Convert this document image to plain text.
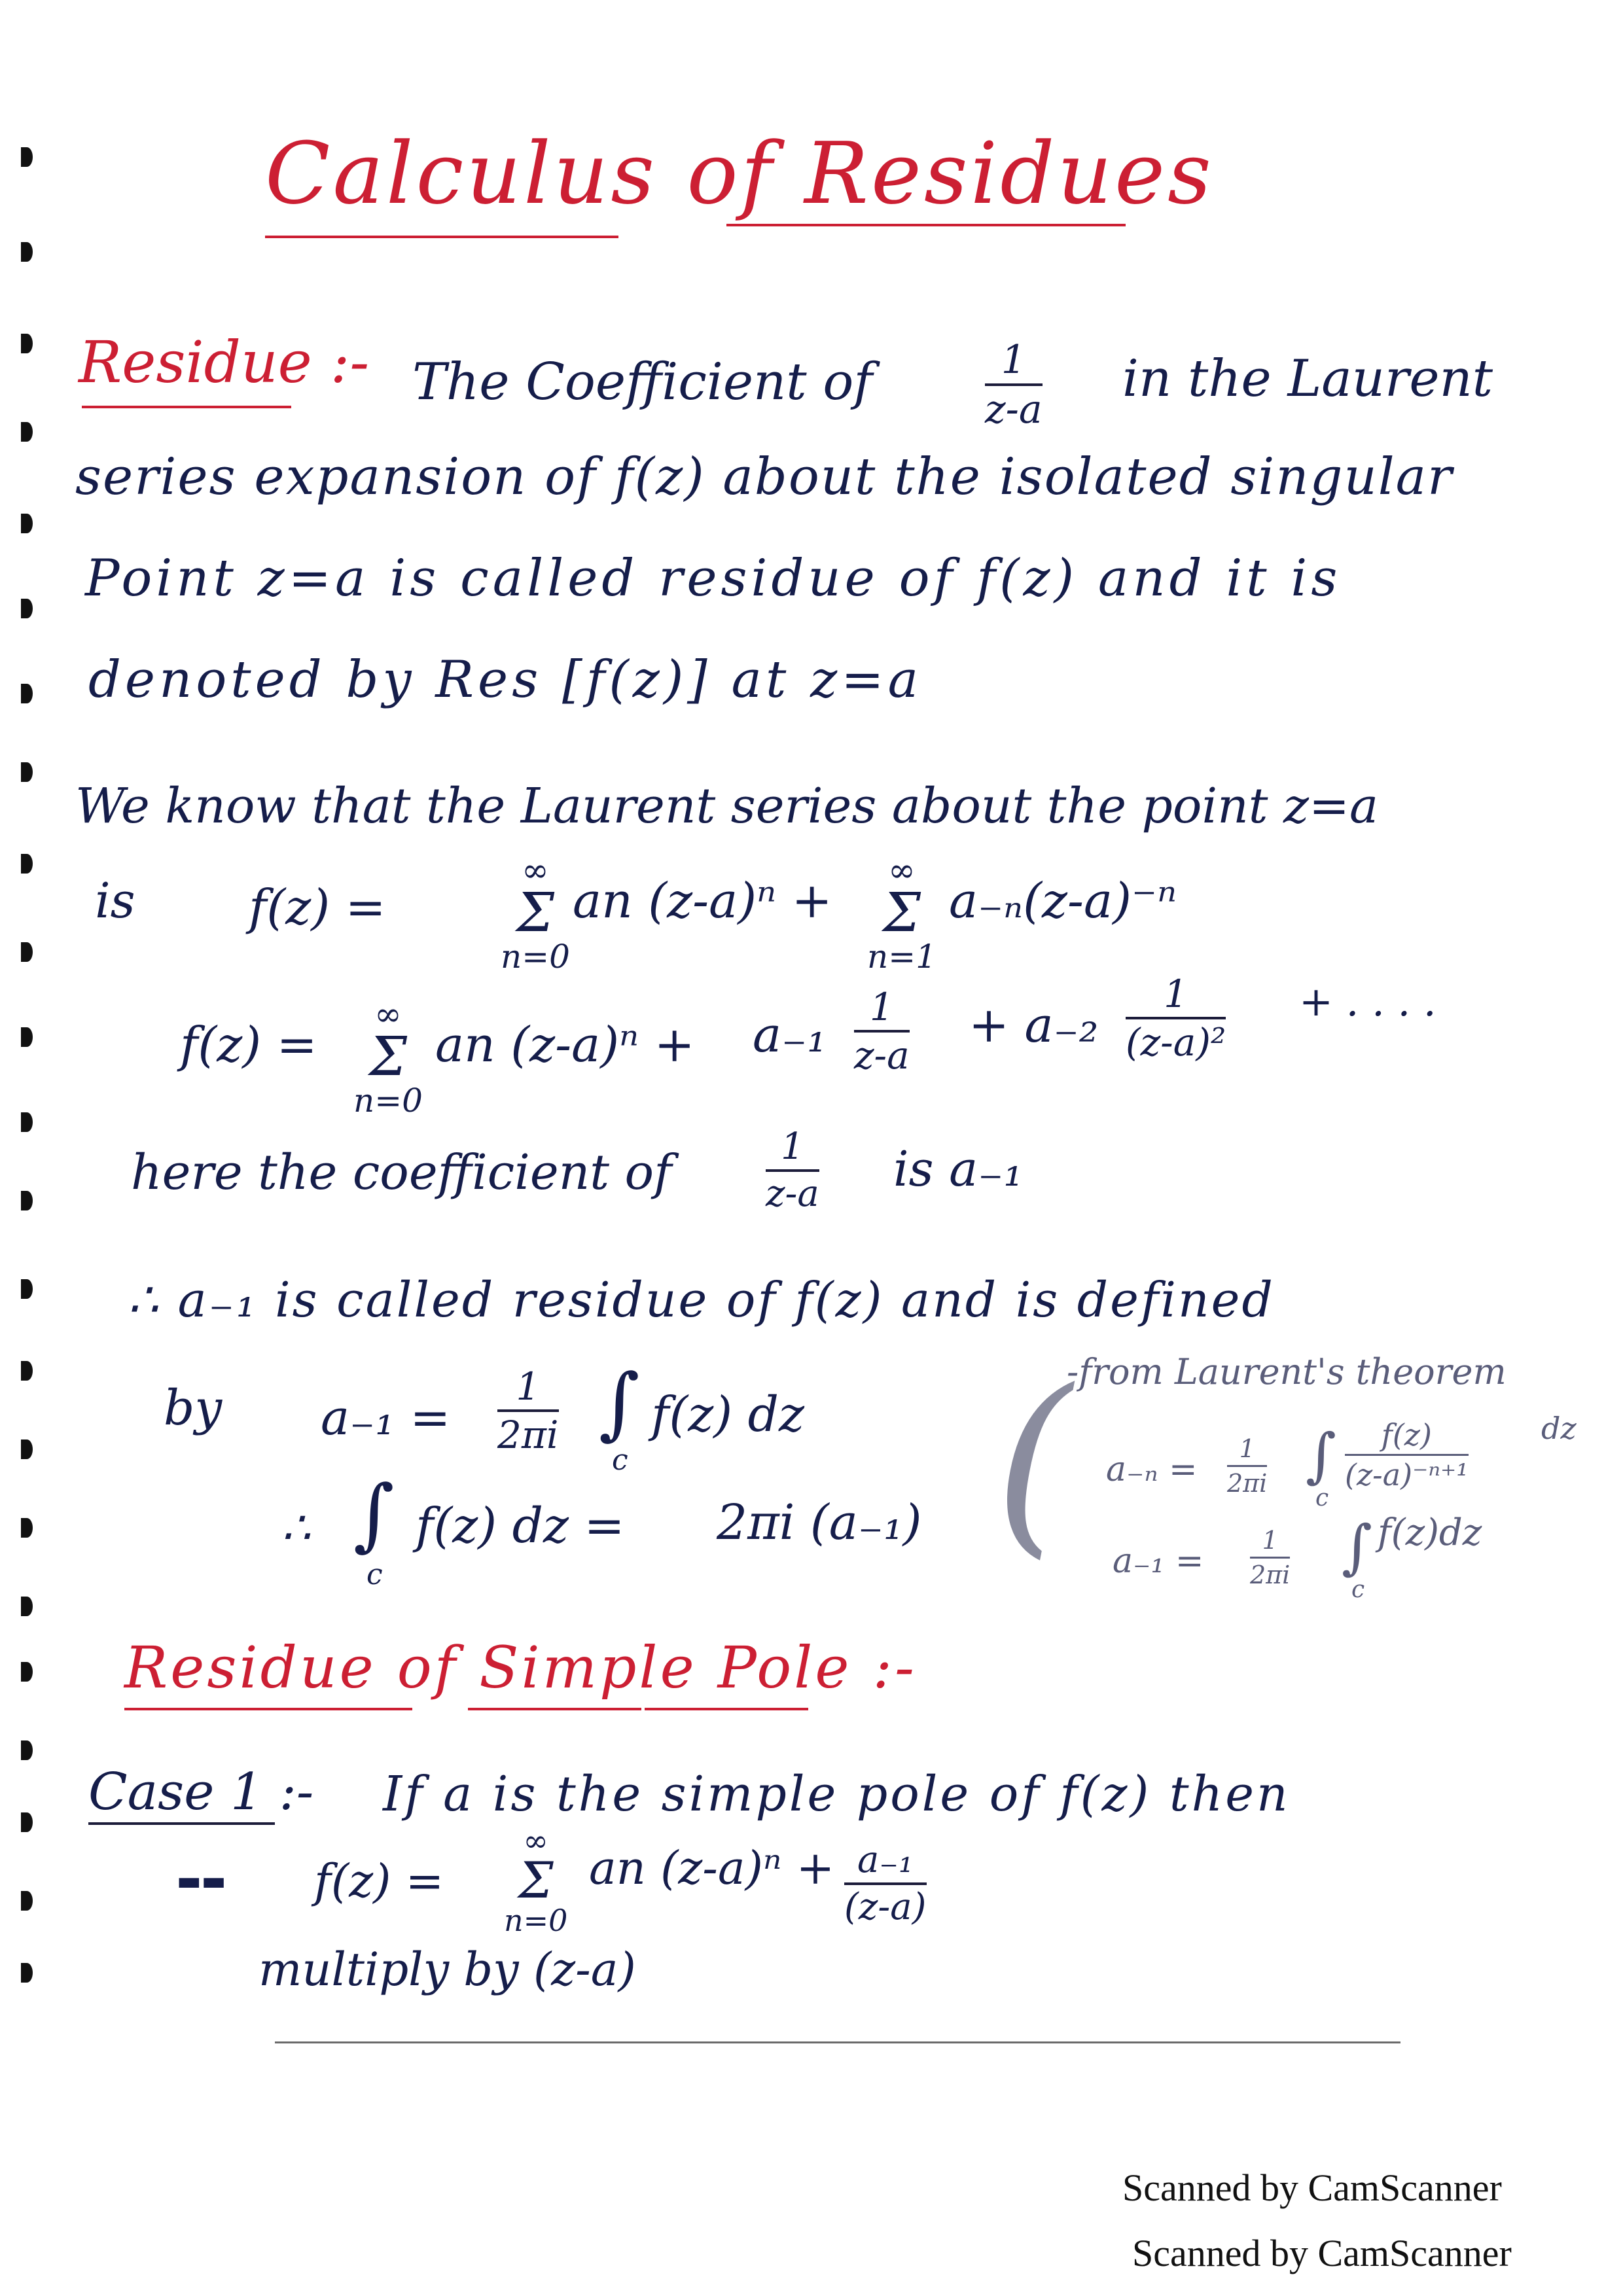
Calculus of Residues
Residue :- The Coefficient of	1
z-a
in the Laurent
series expansion of f(z) about the isolated singular
Point z=a is called residue of f(z) and it is
denoted by Res [f(z)] at z=a
We know that the Laurent series about the point z=a
is f(z) =
∞
Σ
n=0
an (z-a)ⁿ +
∞
Σ
n=1
a₋ₙ(z-a)⁻ⁿ
f(z) =
∞
Σ
n=0
an (z-a)ⁿ + a₋₁ 1
z-a
+ a₋₂
1
(z-a)²
+ . . . .
here the coefficient of	1
z-a is a₋₁
∴ a₋₁ is called residue of f(z) and is defined
by a₋₁ =
1
2πi ∫
c
f(z) dz
∴ ∫
c
f(z) dz = 2πi (a₋₁) (
-from Laurent's theorem
a₋ₙ =
1
2πi ∫
c
f(z)
(z-a)⁻ⁿ⁺¹
dz
a₋₁ =
1
2πi ∫
c
f(z)dz
Residue of Simple Pole :-
Case 1 :- If a is the simple pole of f(z) then
▬▬ f(z) =
∞
Σ
n=0
an (z-a)ⁿ + a₋₁
(z-a)
multiply by (z-a)
Scanned by CamScanner
Scanned by CamScanner
